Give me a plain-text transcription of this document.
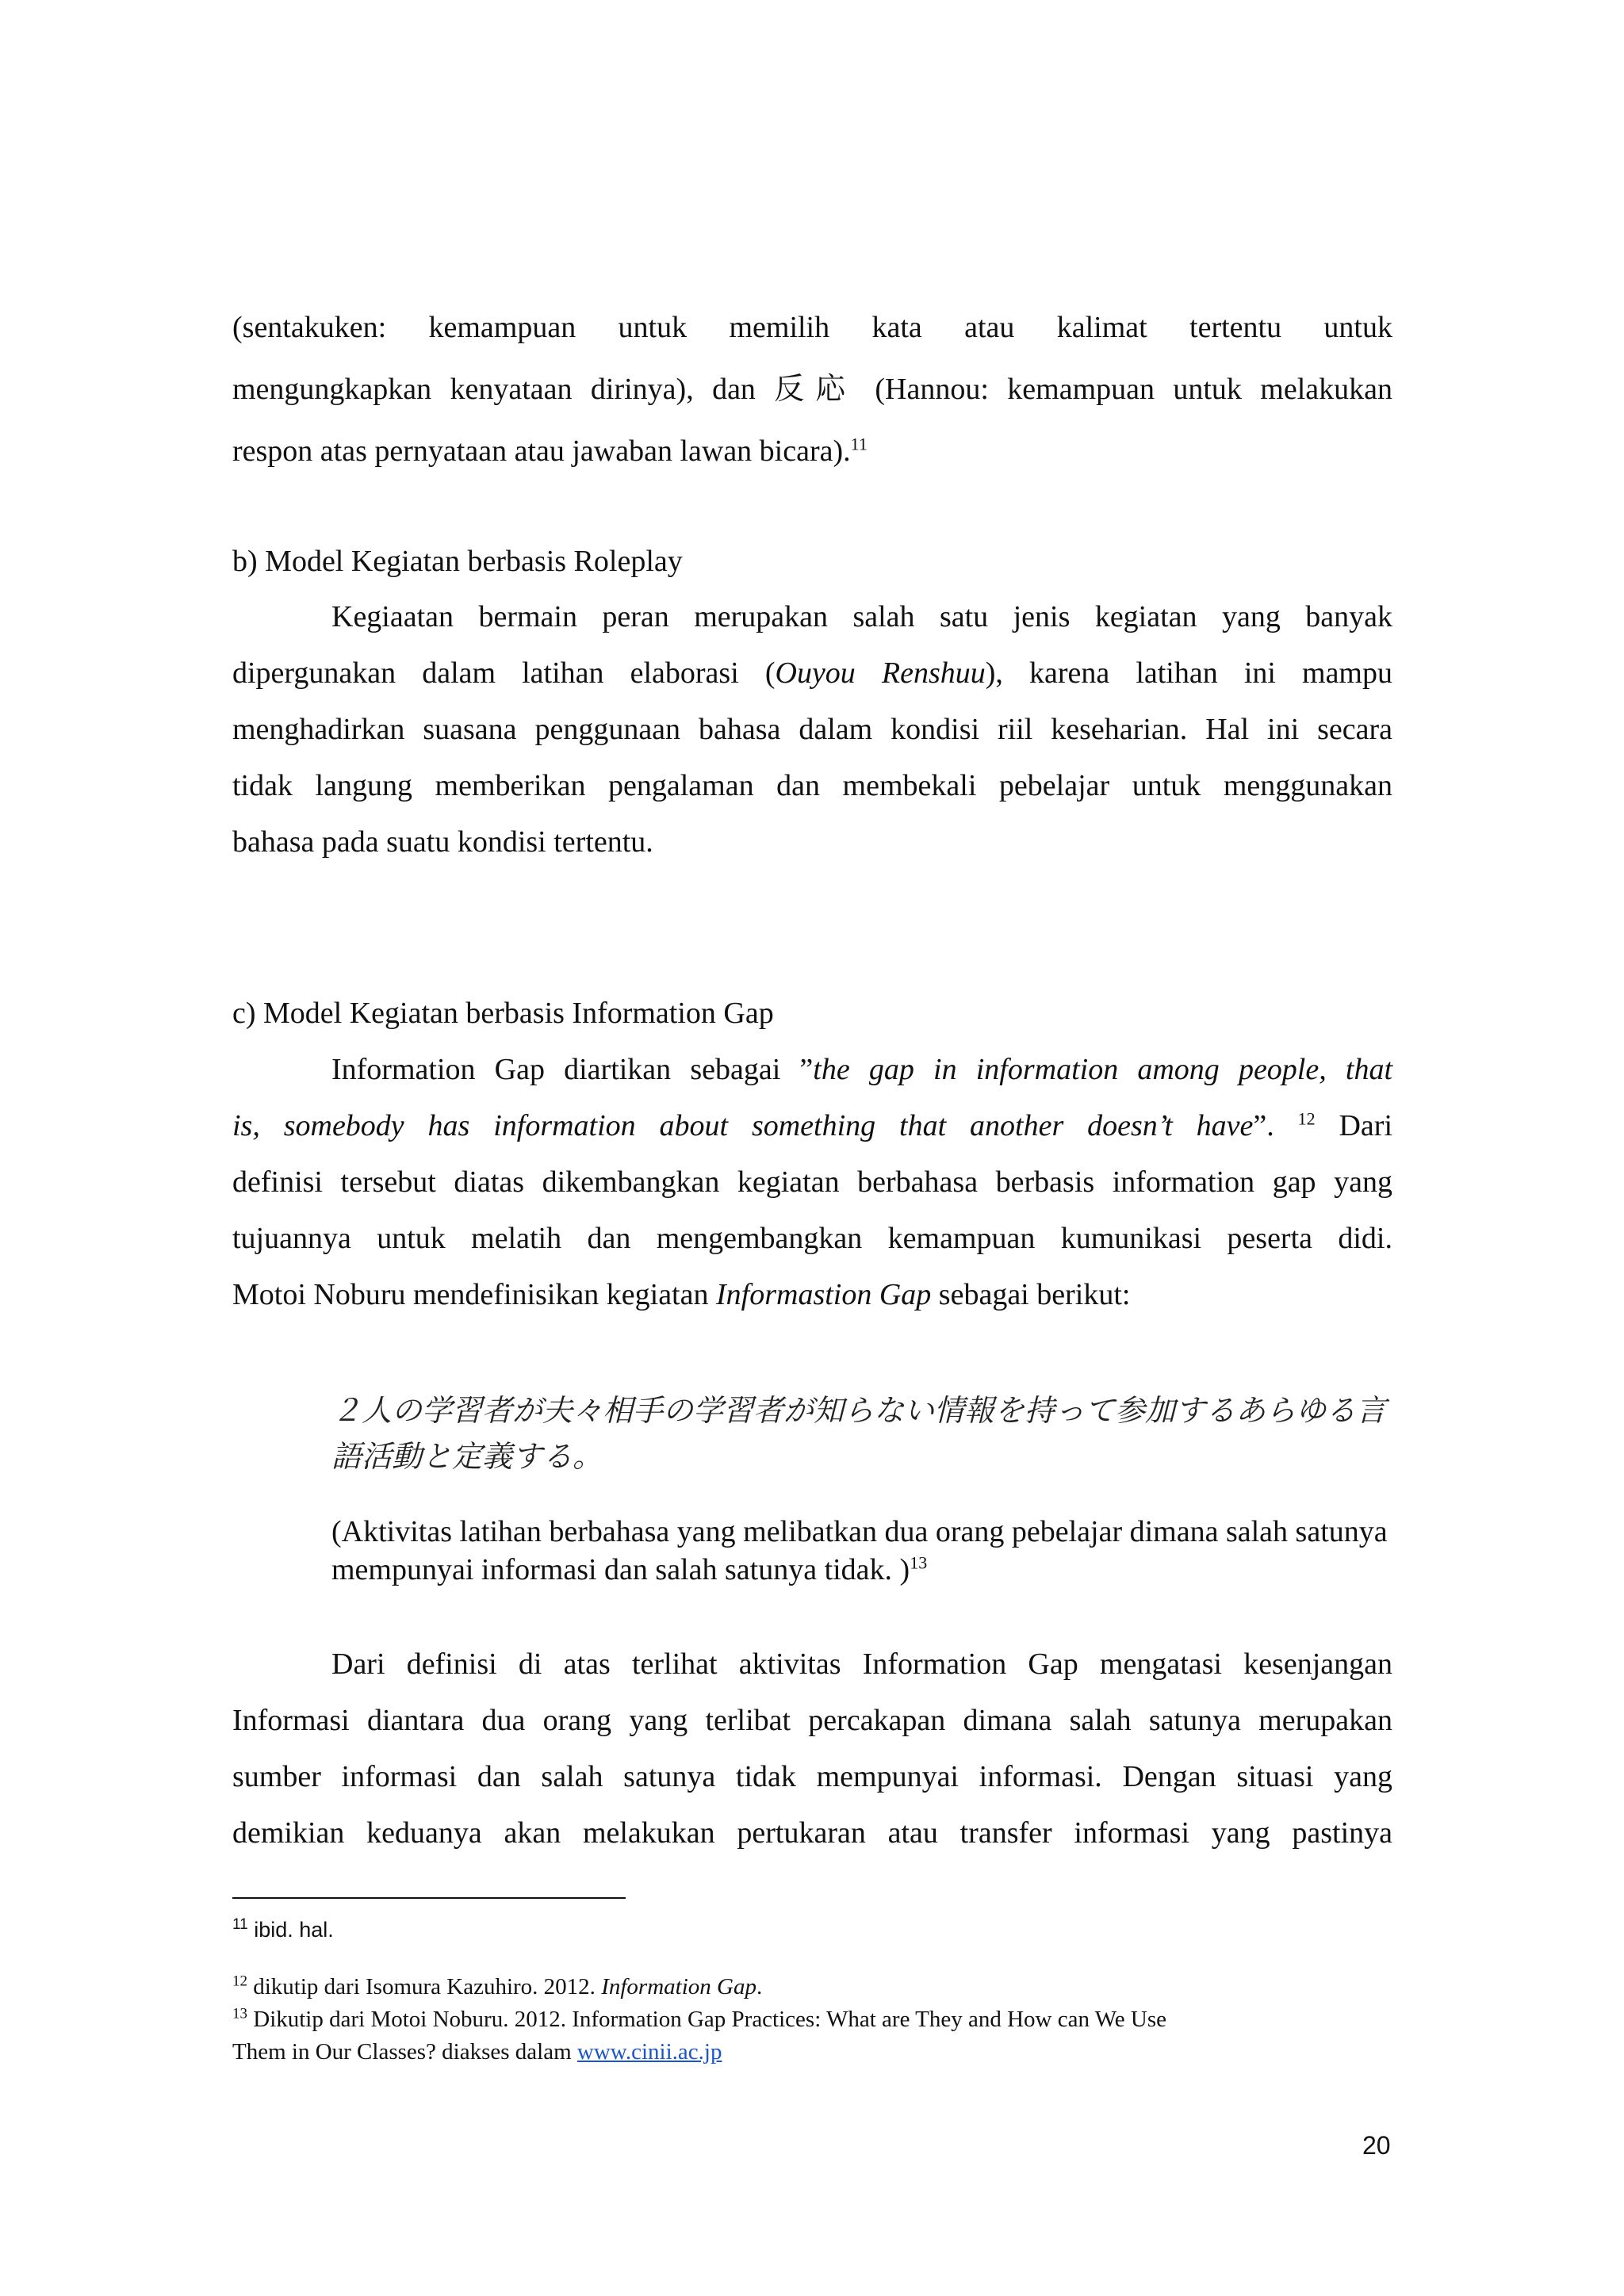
(sentakuken: kemampuan untuk memilih kata atau kalimat tertentu untuk

mengungkapkan kenyataan dirinya), dan 反応 (Hannou: kemampuan untuk melakukan

respon atas pernyataan atau jawaban lawan bicara).$^{11}$

b) Model Kegiatan berbasis Roleplay

Kegiaatan bermain peran merupakan salah satu jenis kegiatan yang banyak

dipergunakan dalam latihan elaborasi (Ouyou Renshuu), karena latihan ini mampu

menghadirkan suasana penggunaan bahasa dalam kondisi riil keseharian. Hal ini secara

tidak langung memberikan pengalaman dan membekali pebelajar untuk menggunakan

bahasa pada suatu kondisi tertentu.

c) Model Kegiatan berbasis Information Gap

Information Gap diartikan sebagai ”the gap in information among people, that

is, somebody has information about something that another doesn’t have”. $^{12}$ Dari

definisi tersebut diatas dikembangkan kegiatan berbahasa berbasis information gap yang

tujuannya untuk melatih dan mengembangkan kemampuan kumunikasi peserta didi.

Motoi Noburu mendefinisikan kegiatan Informastion Gap sebagai berikut:

２人の学習者が夫々相手の学習者が知らない情報を持って参加するあらゆる言語活動と定義する。

(Aktivitas latihan berbahasa yang melibatkan dua orang pebelajar dimana salah satunya mempunyai informasi dan salah satunya tidak. )$^{13}$

Dari definisi di atas terlihat aktivitas Information Gap mengatasi kesenjangan

Informasi diantara dua orang yang terlibat percakapan dimana salah satunya merupakan

sumber informasi dan salah satunya tidak mempunyai informasi. Dengan situasi yang

demikian keduanya akan melakukan pertukaran atau transfer informasi yang pastinya

$^{11}$ ibid. hal.

$^{12}$ dikutip dari Isomura Kazuhiro. 2012. Information Gap.

$^{13}$ Dikutip dari Motoi Noburu. 2012. Information Gap Practices: What are They and How can We Use

Them in Our Classes? diakses dalam www.cinii.ac.jp

20
